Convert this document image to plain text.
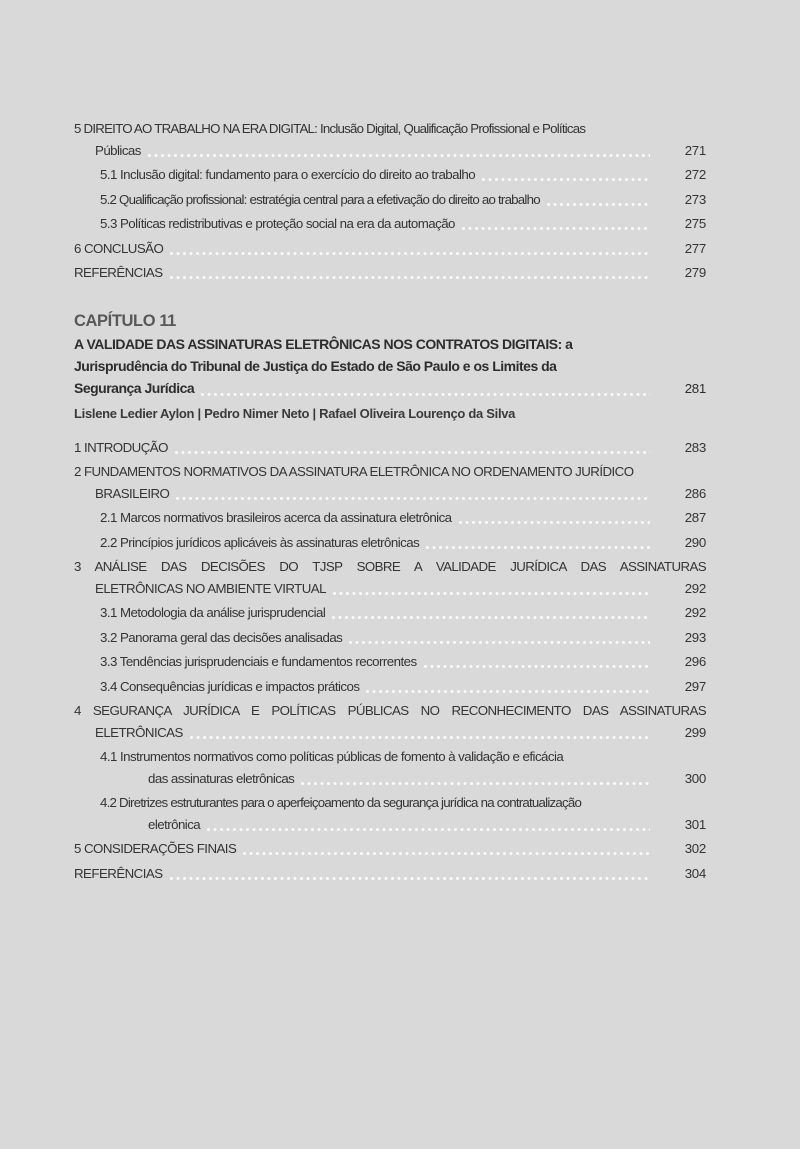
5 DIREITO AO TRABALHO NA ERA DIGITAL: Inclusão Digital, Qualificação Profissional e Políticas
Públicas	271
5.1 Inclusão digital: fundamento para o exercício do direito ao trabalho	272
5.2 Qualificação profissional: estratégia central para a efetivação do direito ao trabalho	273
5.3 Políticas redistributivas e proteção social na era da automação	275
6 CONCLUSÃO	277
REFERÊNCIAS	279
CAPÍTULO 11
A VALIDADE DAS ASSINATURAS ELETRÔNICAS NOS CONTRATOS DIGITAIS: a
Jurisprudência do Tribunal de Justiça do Estado de São Paulo e os Limites da
Segurança Jurídica	281
Lislene Ledier Aylon | Pedro Nimer Neto | Rafael Oliveira Lourenço da Silva
1 INTRODUÇÃO	283
2 FUNDAMENTOS NORMATIVOS DA ASSINATURA ELETRÔNICA NO ORDENAMENTO JURÍDICO
BRASILEIRO	286
2.1 Marcos normativos brasileiros acerca da assinatura eletrônica	287
2.2 Princípios jurídicos aplicáveis às assinaturas eletrônicas	290
3 ANÁLISE DAS DECISÕES DO TJSP SOBRE A VALIDADE JURÍDICA DAS ASSINATURAS
ELETRÔNICAS NO AMBIENTE VIRTUAL	292
3.1 Metodologia da análise jurisprudencial	292
3.2 Panorama geral das decisões analisadas	293
3.3 Tendências jurisprudenciais e fundamentos recorrentes	296
3.4 Consequências jurídicas e impactos práticos	297
4 SEGURANÇA JURÍDICA E POLÍTICAS PÚBLICAS NO RECONHECIMENTO DAS ASSINATURAS
ELETRÔNICAS	299
4.1 Instrumentos normativos como políticas públicas de fomento à validação e eficácia
das assinaturas eletrônicas	300
4.2 Diretrizes estruturantes para o aperfeiçoamento da segurança jurídica na contratualização
eletrônica	301
5 CONSIDERAÇÕES FINAIS	302
REFERÊNCIAS	304
